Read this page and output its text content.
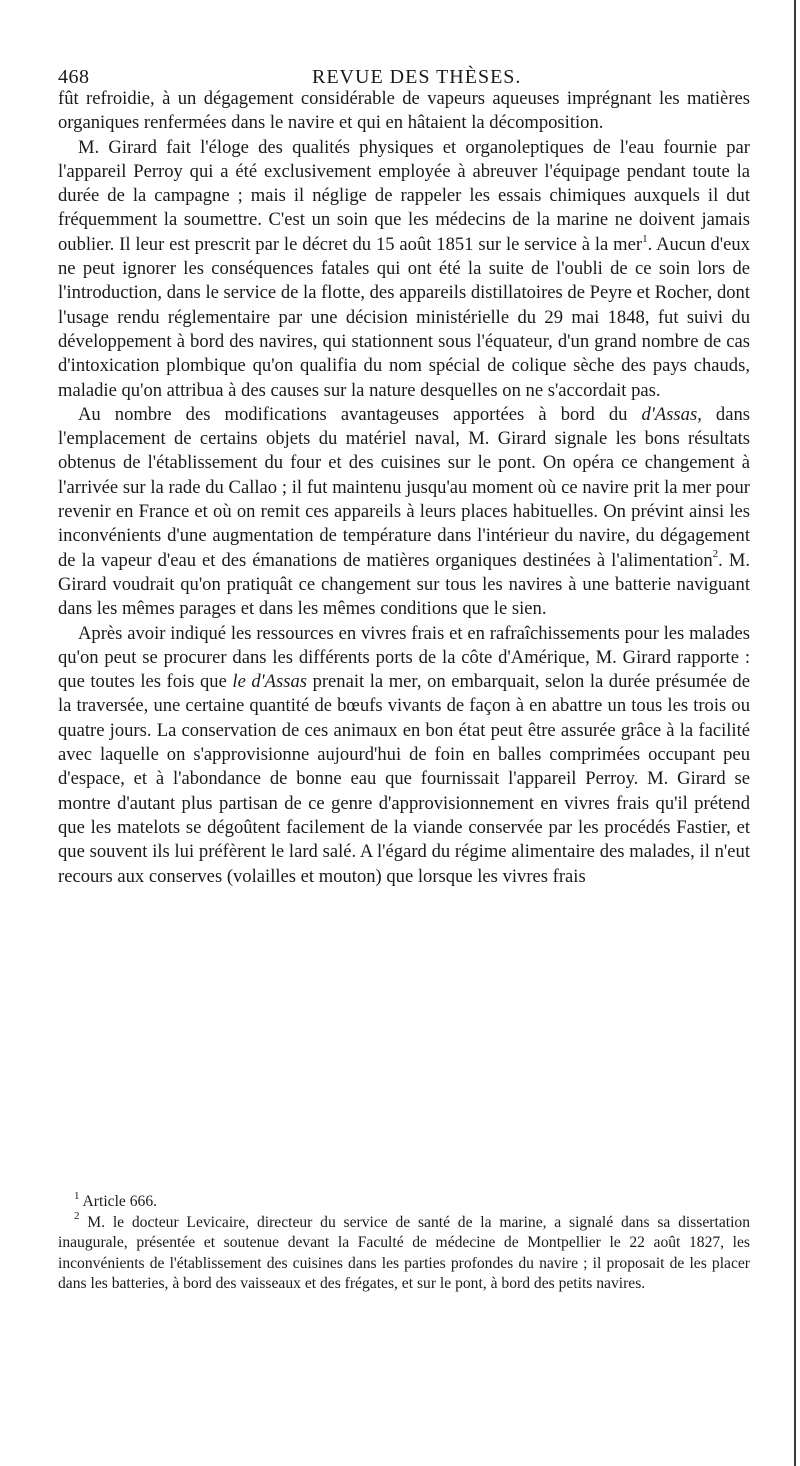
468	REVUE DES THÈSES.

fût refroidie, à un dégagement considérable de vapeurs aqueuses imprégnant les matières organiques renfermées dans le navire et qui en hâtaient la décomposition.

M. Girard fait l'éloge des qualités physiques et organoleptiques de l'eau fournie par l'appareil Perroy qui a été exclusivement employée à abreuver l'équipage pendant toute la durée de la campagne ; mais il néglige de rappeler les essais chimiques auxquels il dut fréquemment la soumettre. C'est un soin que les médecins de la marine ne doivent jamais oublier. Il leur est prescrit par le décret du 15 août 1851 sur le service à la mer$^1$. Aucun d'eux ne peut ignorer les conséquences fatales qui ont été la suite de l'oubli de ce soin lors de l'introduction, dans le service de la flotte, des appareils distillatoires de Peyre et Rocher, dont l'usage rendu réglementaire par une décision ministérielle du 29 mai 1848, fut suivi du développement à bord des navires, qui stationnent sous l'équateur, d'un grand nombre de cas d'intoxication plombique qu'on qualifia du nom spécial de colique sèche des pays chauds, maladie qu'on attribua à des causes sur la nature desquelles on ne s'accordait pas.

Au nombre des modifications avantageuses apportées à bord du d'Assas, dans l'emplacement de certains objets du matériel naval, M. Girard signale les bons résultats obtenus de l'établissement du four et des cuisines sur le pont. On opéra ce changement à l'arrivée sur la rade du Callao ; il fut maintenu jusqu'au moment où ce navire prit la mer pour revenir en France et où on remit ces appareils à leurs places habituelles. On prévint ainsi les inconvénients d'une augmentation de température dans l'intérieur du navire, du dégagement de la vapeur d'eau et des émanations de matières organiques destinées à l'alimentation$^2$. M. Girard voudrait qu'on pratiquât ce changement sur tous les navires à une batterie naviguant dans les mêmes parages et dans les mêmes conditions que le sien.

Après avoir indiqué les ressources en vivres frais et en rafraîchissements pour les malades qu'on peut se procurer dans les différents ports de la côte d'Amérique, M. Girard rapporte : que toutes les fois que le d'Assas prenait la mer, on embarquait, selon la durée présumée de la traversée, une certaine quantité de bœufs vivants de façon à en abattre un tous les trois ou quatre jours. La conservation de ces animaux en bon état peut être assurée grâce à la facilité avec laquelle on s'approvisionne aujourd'hui de foin en balles comprimées occupant peu d'espace, et à l'abondance de bonne eau que fournissait l'appareil Perroy. M. Girard se montre d'autant plus partisan de ce genre d'approvisionnement en vivres frais qu'il prétend que les matelots se dégoûtent facilement de la viande conservée par les procédés Fastier, et que souvent ils lui préfèrent le lard salé. A l'égard du régime alimentaire des malades, il n'eut recours aux conserves (volailles et mouton) que lorsque les vivres frais

$^1$ Article 666.

$^2$ M. le docteur Levicaire, directeur du service de santé de la marine, a signalé dans sa dissertation inaugurale, présentée et soutenue devant la Faculté de médecine de Montpellier le 22 août 1827, les inconvénients de l'établissement des cuisines dans les parties profondes du navire ; il proposait de les placer dans les batteries, à bord des vaisseaux et des frégates, et sur le pont, à bord des petits navires.
